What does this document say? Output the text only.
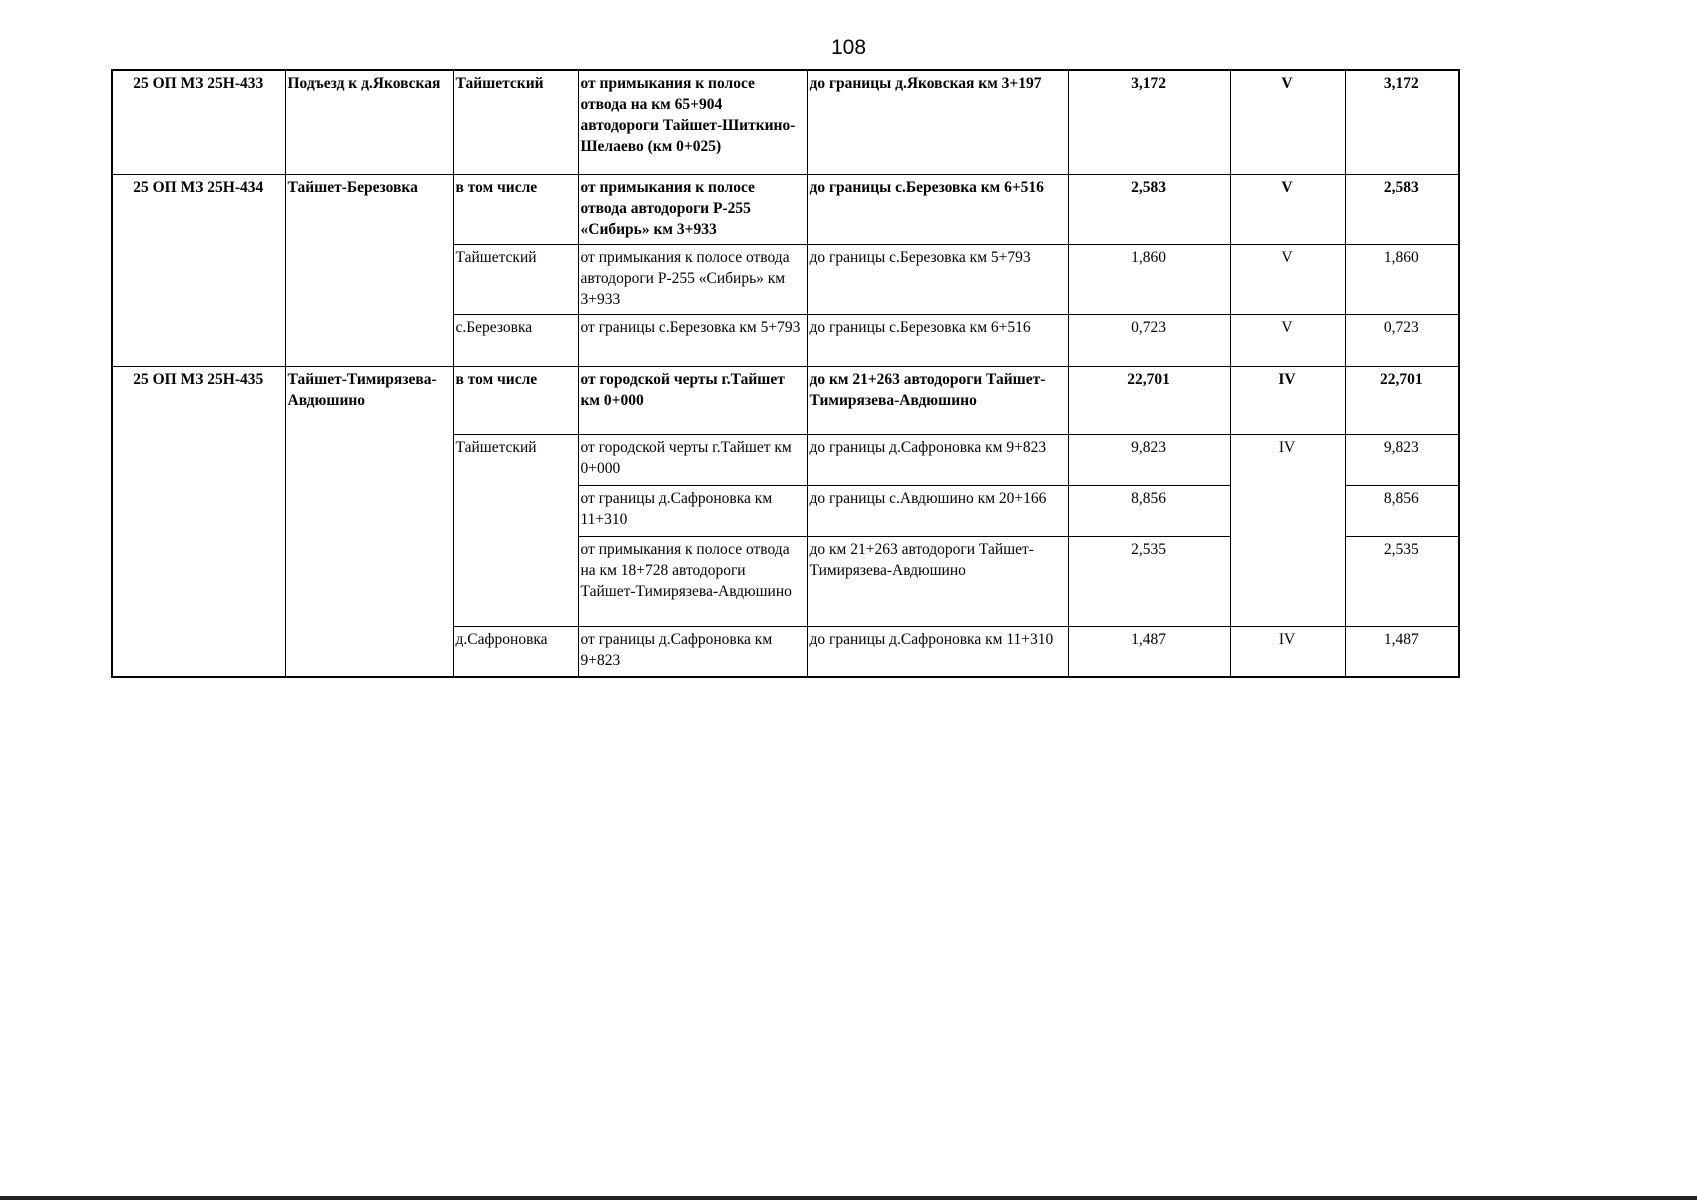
108
25 ОП МЗ 25Н-433	Подъезд к д.Яковская	Тайшетский	от примыкания к полосе отвода на км 65+904 автодороги Тайшет-Шиткино-Шелаево (км 0+025)	до границы д.Яковская км 3+197	3,172	V	3,172
25 ОП МЗ 25Н-434	Тайшет-Березовка	в том числе	от примыкания к полосе отвода автодороги Р-255 «Сибирь» км 3+933	до границы с.Березовка км 6+516	2,583	V	2,583
		Тайшетский	от примыкания к полосе отвода автодороги Р-255 «Сибирь» км 3+933	до границы с.Березовка км 5+793	1,860	V	1,860
		с.Березовка	от границы с.Березовка км 5+793	до границы с.Березовка км 6+516	0,723	V	0,723
25 ОП МЗ 25Н-435	Тайшет-Тимирязева-Авдюшино	в том числе	от городской черты г.Тайшет км 0+000	до км 21+263 автодороги Тайшет-Тимирязева-Авдюшино	22,701	IV	22,701
		Тайшетский	от городской черты г.Тайшет км 0+000	до границы д.Сафроновка км 9+823	9,823	IV	9,823
			от границы д.Сафроновка км 11+310	до границы с.Авдюшино км 20+166	8,856		8,856
			от примыкания к полосе отвода на км 18+728 автодороги Тайшет-Тимирязева-Авдюшино	до км 21+263 автодороги Тайшет-Тимирязева-Авдюшино	2,535		2,535
		д.Сафроновка	от границы д.Сафроновка км 9+823	до границы д.Сафроновка км 11+310	1,487	IV	1,487
